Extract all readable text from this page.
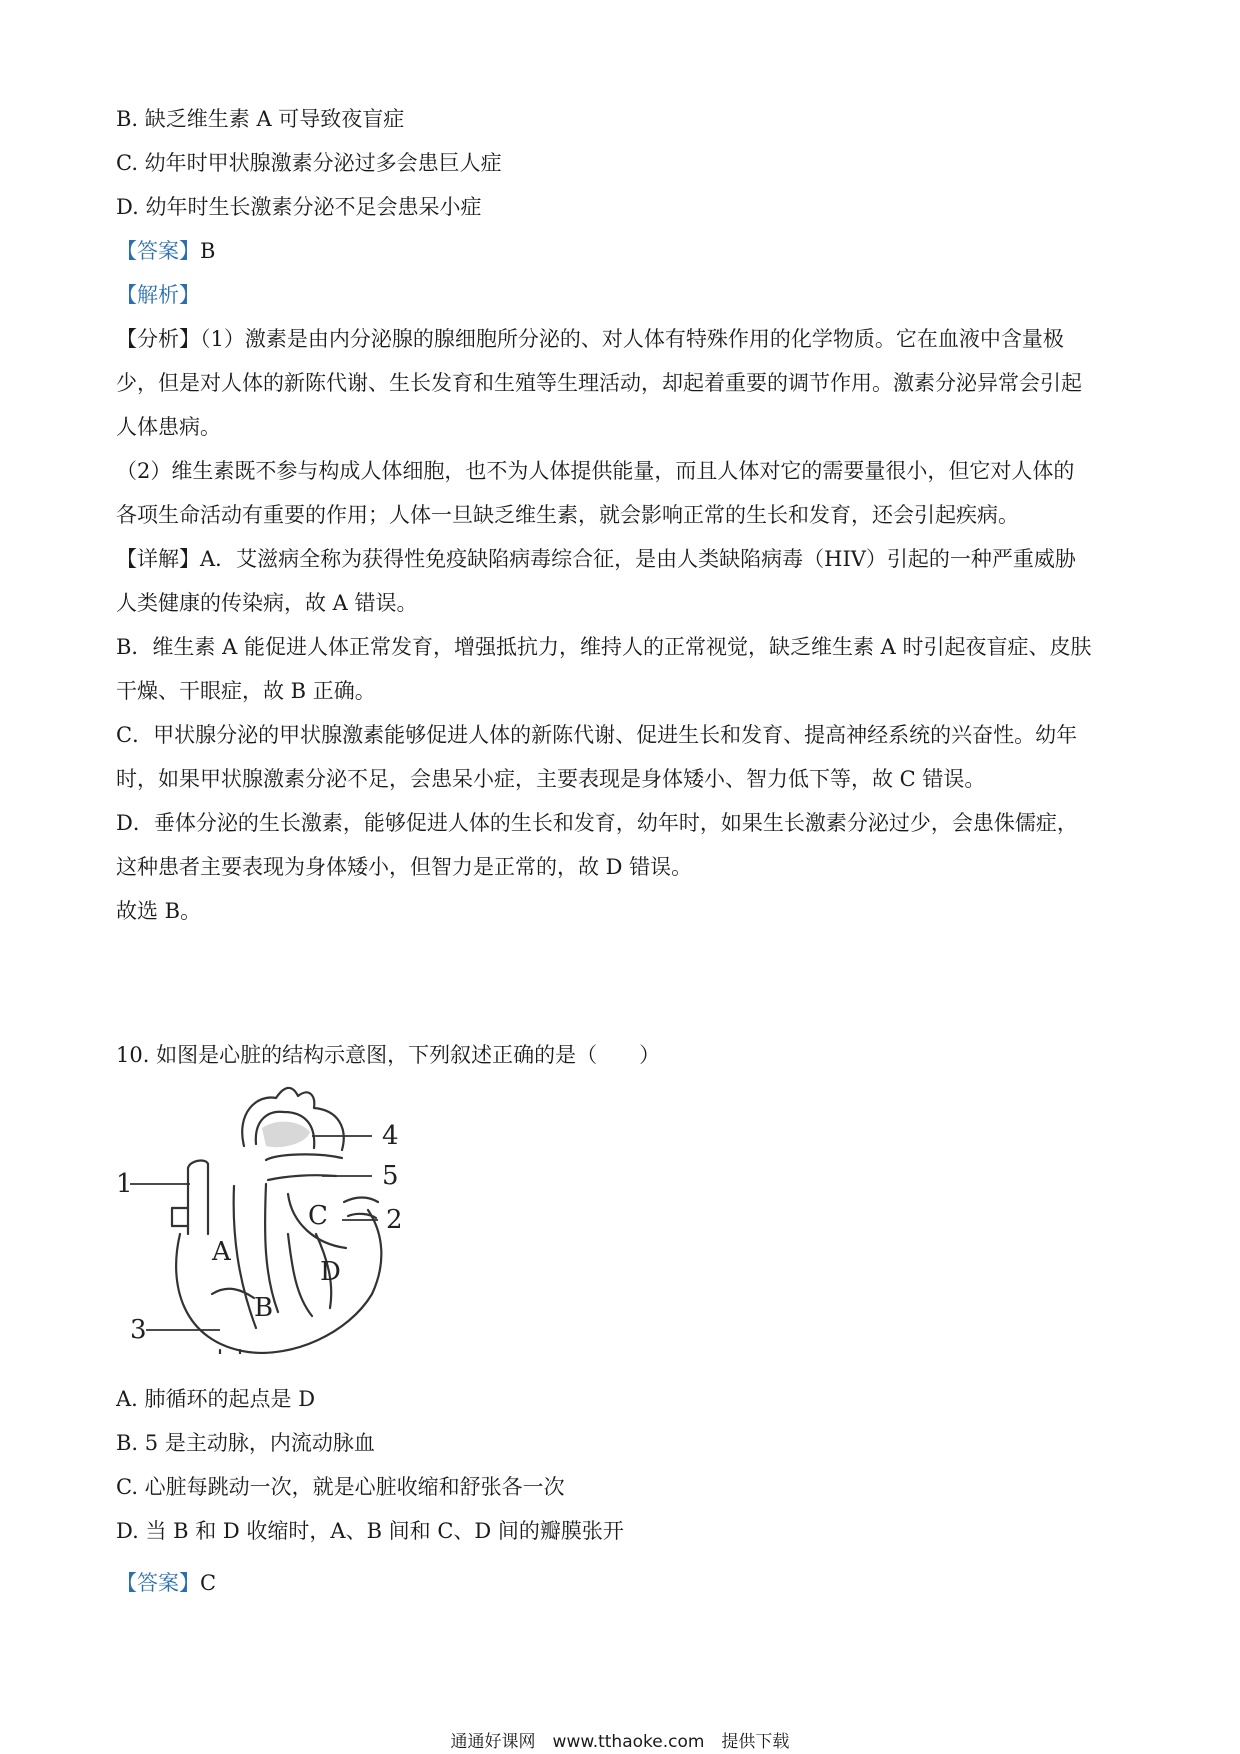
B. 缺乏维生素 A 可导致夜盲症
C. 幼年时甲状腺激素分泌过多会患巨人症
D. 幼年时生长激素分泌不足会患呆小症
【答案】B
【解析】
【分析】（1）激素是由内分泌腺的腺细胞所分泌的、对人体有特殊作用的化学物质。它在血液中含量极
少，但是对人体的新陈代谢、生长发育和生殖等生理活动，却起着重要的调节作用。激素分泌异常会引起
人体患病。
（2）维生素既不参与构成人体细胞，也不为人体提供能量，而且人体对它的需要量很小，但它对人体的
各项生命活动有重要的作用；人体一旦缺乏维生素，就会影响正常的生长和发育，还会引起疾病。
【详解】A．艾滋病全称为获得性免疫缺陷病毒综合征，是由人类缺陷病毒（HIV）引起的一种严重威胁
人类健康的传染病，故 A 错误。
B．维生素 A 能促进人体正常发育，增强抵抗力，维持人的正常视觉，缺乏维生素 A 时引起夜盲症、皮肤
干燥、干眼症，故 B 正确。
C．甲状腺分泌的甲状腺激素能够促进人体的新陈代谢、促进生长和发育、提高神经系统的兴奋性。幼年
时，如果甲状腺激素分泌不足，会患呆小症，主要表现是身体矮小、智力低下等，故 C 错误。
D．垂体分泌的生长激素，能够促进人体的生长和发育，幼年时，如果生长激素分泌过少，会患侏儒症，
这种患者主要表现为身体矮小，但智力是正常的，故 D 错误。
故选 B。
10. 如图是心脏的结构示意图，下列叙述正确的是（　　）
1
2
3
4
5
A
B
C
D
A. 肺循环的起点是 D
B. 5 是主动脉，内流动脉血
C. 心脏每跳动一次，就是心脏收缩和舒张各一次
D. 当 B 和 D 收缩时，A、B 间和 C、D 间的瓣膜张开
【答案】C
通通好课网　www.tthaoke.com　提供下载
